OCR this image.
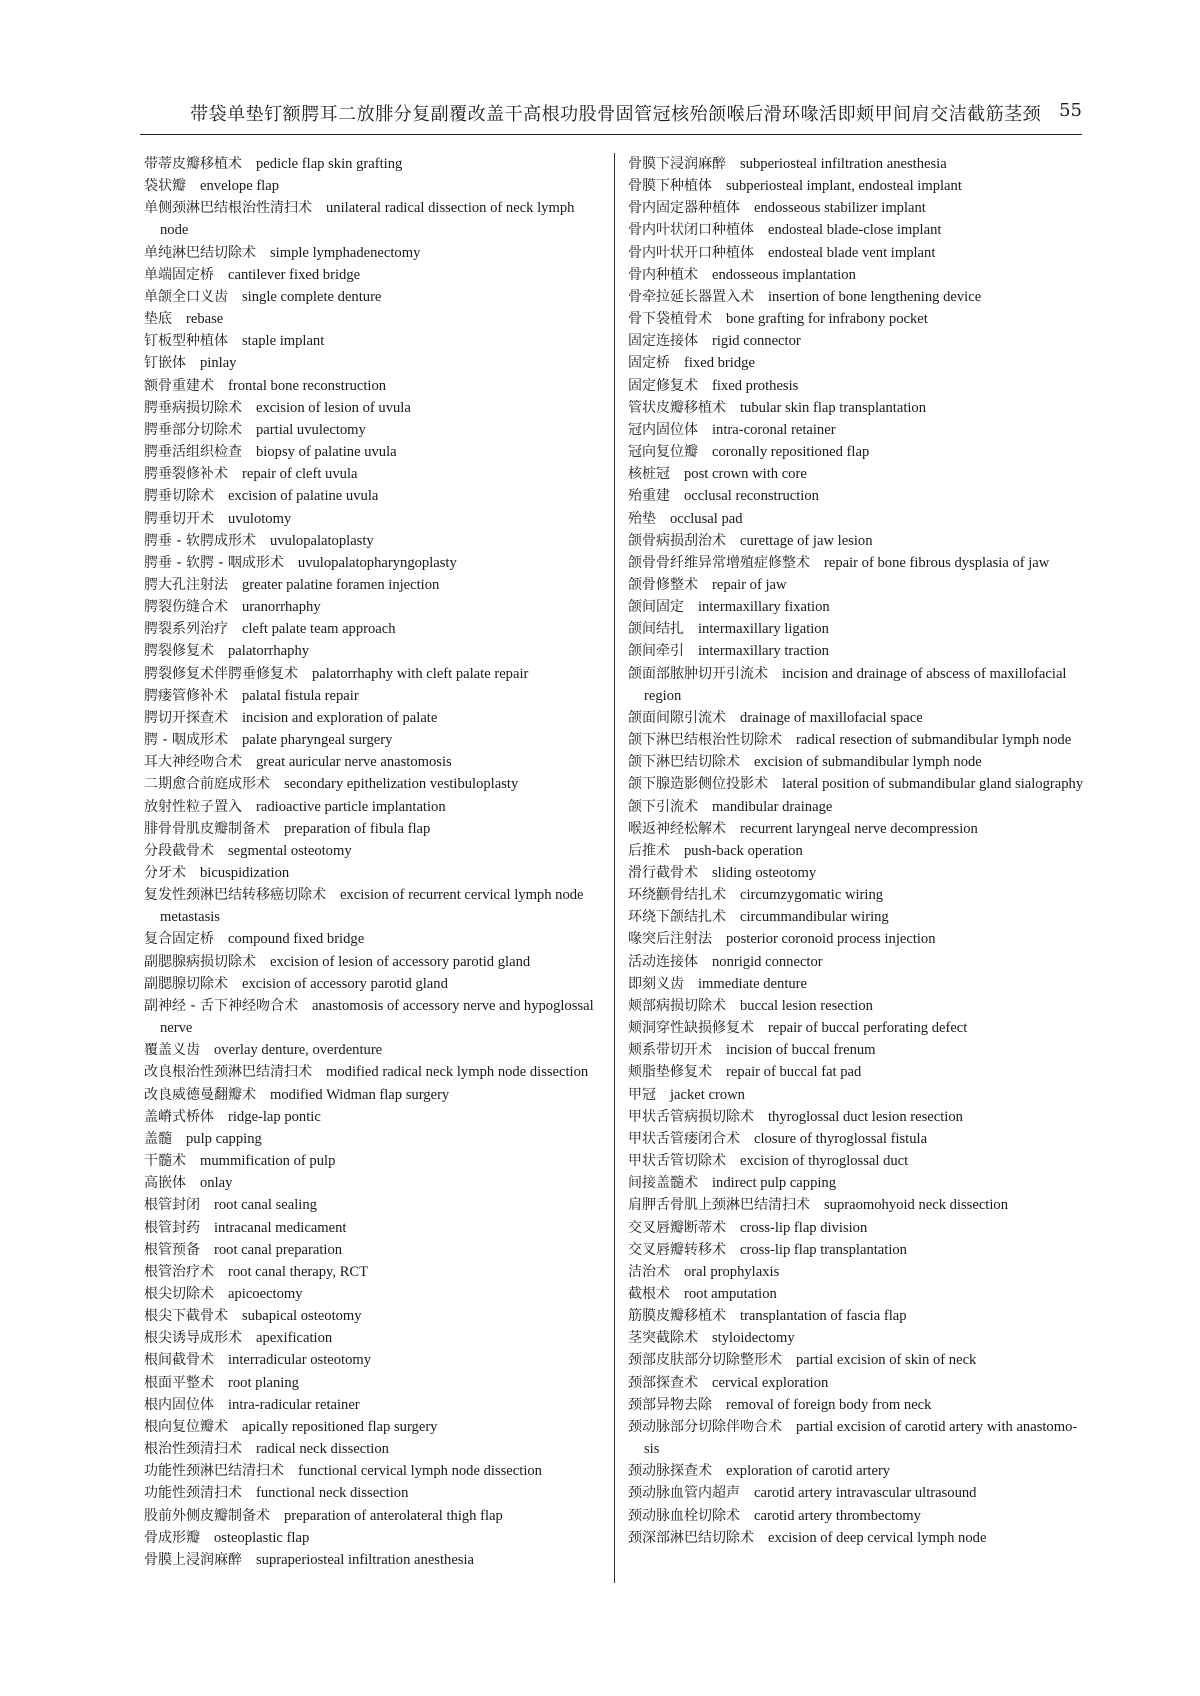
带袋单垫钉额腭耳二放腓分复副覆改盖干高根功股骨固管冠核殆颌喉后滑环喙活即颊甲间肩交洁截筋茎颈 55
带蒂皮瓣移植术 pedicle flap skin grafting
袋状瓣 envelope flap
单侧颈淋巴结根治性清扫术 unilateral radical dissection of neck lymph node
单纯淋巴结切除术 simple lymphadenectomy
单端固定桥 cantilever fixed bridge
单颌全口义齿 single complete denture
垫底 rebase
钉板型种植体 staple implant
钉嵌体 pinlay
额骨重建术 frontal bone reconstruction
腭垂病损切除术 excision of lesion of uvula
腭垂部分切除术 partial uvulectomy
腭垂活组织检查 biopsy of palatine uvula
腭垂裂修补术 repair of cleft uvula
腭垂切除术 excision of palatine uvula
腭垂切开术 uvulotomy
腭垂 - 软腭成形术 uvulopalatoplasty
腭垂 - 软腭 - 咽成形术 uvulopalatopharyngoplasty
腭大孔注射法 greater palatine foramen injection
腭裂伤缝合术 uranorrhaphy
腭裂系列治疗 cleft palate team approach
腭裂修复术 palatorrhaphy
腭裂修复术伴腭垂修复术 palatorrhaphy with cleft palate repair
腭瘘管修补术 palatal fistula repair
腭切开探查术 incision and exploration of palate
腭 - 咽成形术 palate pharyngeal surgery
耳大神经吻合术 great auricular nerve anastomosis
二期愈合前庭成形术 secondary epithelization vestibuloplasty
放射性粒子置入 radioactive particle implantation
腓骨骨肌皮瓣制备术 preparation of fibula flap
分段截骨术 segmental osteotomy
分牙术 bicuspidization
复发性颈淋巴结转移癌切除术 excision of recurrent cervical lymph node metastasis
复合固定桥 compound fixed bridge
副腮腺病损切除术 excision of lesion of accessory parotid gland
副腮腺切除术 excision of accessory parotid gland
副神经 - 舌下神经吻合术 anastomosis of accessory nerve and hypoglossal nerve
覆盖义齿 overlay denture, overdenture
改良根治性颈淋巴结清扫术 modified radical neck lymph node dissection
改良威德曼翻瓣术 modified Widman flap surgery
盖嵴式桥体 ridge-lap pontic
盖髓 pulp capping
干髓术 mummification of pulp
高嵌体 onlay
根管封闭 root canal sealing
根管封药 intracanal medicament
根管预备 root canal preparation
根管治疗术 root canal therapy, RCT
根尖切除术 apicoectomy
根尖下截骨术 subapical osteotomy
根尖诱导成形术 apexification
根间截骨术 interradicular osteotomy
根面平整术 root planing
根内固位体 intra-radicular retainer
根向复位瓣术 apically repositioned flap surgery
根治性颈清扫术 radical neck dissection
功能性颈淋巴结清扫术 functional cervical lymph node dissection
功能性颈清扫术 functional neck dissection
股前外侧皮瓣制备术 preparation of anterolateral thigh flap
骨成形瓣 osteoplastic flap
骨膜上浸润麻醉 supraperiosteal infiltration anesthesia
骨膜下浸润麻醉 subperiosteal infiltration anesthesia
骨膜下种植体 subperiosteal implant, endosteal implant
骨内固定器种植体 endosseous stabilizer implant
骨内叶状闭口种植体 endosteal blade-close implant
骨内叶状开口种植体 endosteal blade vent implant
骨内种植术 endosseous implantation
骨牵拉延长器置入术 insertion of bone lengthening device
骨下袋植骨术 bone grafting for infrabony pocket
固定连接体 rigid connector
固定桥 fixed bridge
固定修复术 fixed prothesis
管状皮瓣移植术 tubular skin flap transplantation
冠内固位体 intra-coronal retainer
冠向复位瓣 coronally repositioned flap
核桩冠 post crown with core
殆重建 occlusal reconstruction
殆垫 occlusal pad
颌骨病损刮治术 curettage of jaw lesion
颌骨骨纤维异常增殖症修整术 repair of bone fibrous dysplasia of jaw
颌骨修整术 repair of jaw
颌间固定 intermaxillary fixation
颌间结扎 intermaxillary ligation
颌间牵引 intermaxillary traction
颌面部脓肿切开引流术 incision and drainage of abscess of maxillofacial region
颌面间隙引流术 drainage of maxillofacial space
颌下淋巴结根治性切除术 radical resection of submandibular lymph node
颌下淋巴结切除术 excision of submandibular lymph node
颌下腺造影侧位投影术 lateral position of submandibular gland sialography
颌下引流术 mandibular drainage
喉返神经松解术 recurrent laryngeal nerve decompression
后推术 push-back operation
滑行截骨术 sliding osteotomy
环绕颧骨结扎术 circumzygomatic wiring
环绕下颌结扎术 circummandibular wiring
喙突后注射法 posterior coronoid process injection
活动连接体 nonrigid connector
即刻义齿 immediate denture
颊部病损切除术 buccal lesion resection
颊洞穿性缺损修复术 repair of buccal perforating defect
颊系带切开术 incision of buccal frenum
颊脂垫修复术 repair of buccal fat pad
甲冠 jacket crown
甲状舌管病损切除术 thyroglossal duct lesion resection
甲状舌管瘘闭合术 closure of thyroglossal fistula
甲状舌管切除术 excision of thyroglossal duct
间接盖髓术 indirect pulp capping
肩胛舌骨肌上颈淋巴结清扫术 supraomohyoid neck dissection
交叉唇瓣断蒂术 cross-lip flap division
交叉唇瓣转移术 cross-lip flap transplantation
洁治术 oral prophylaxis
截根术 root amputation
筋膜皮瓣移植术 transplantation of fascia flap
茎突截除术 styloidectomy
颈部皮肤部分切除整形术 partial excision of skin of neck
颈部探查术 cervical exploration
颈部异物去除 removal of foreign body from neck
颈动脉部分切除伴吻合术 partial excision of carotid artery with anastomo-sis
颈动脉探查术 exploration of carotid artery
颈动脉血管内超声 carotid artery intravascular ultrasound
颈动脉血栓切除术 carotid artery thrombectomy
颈深部淋巴结切除术 excision of deep cervical lymph node
